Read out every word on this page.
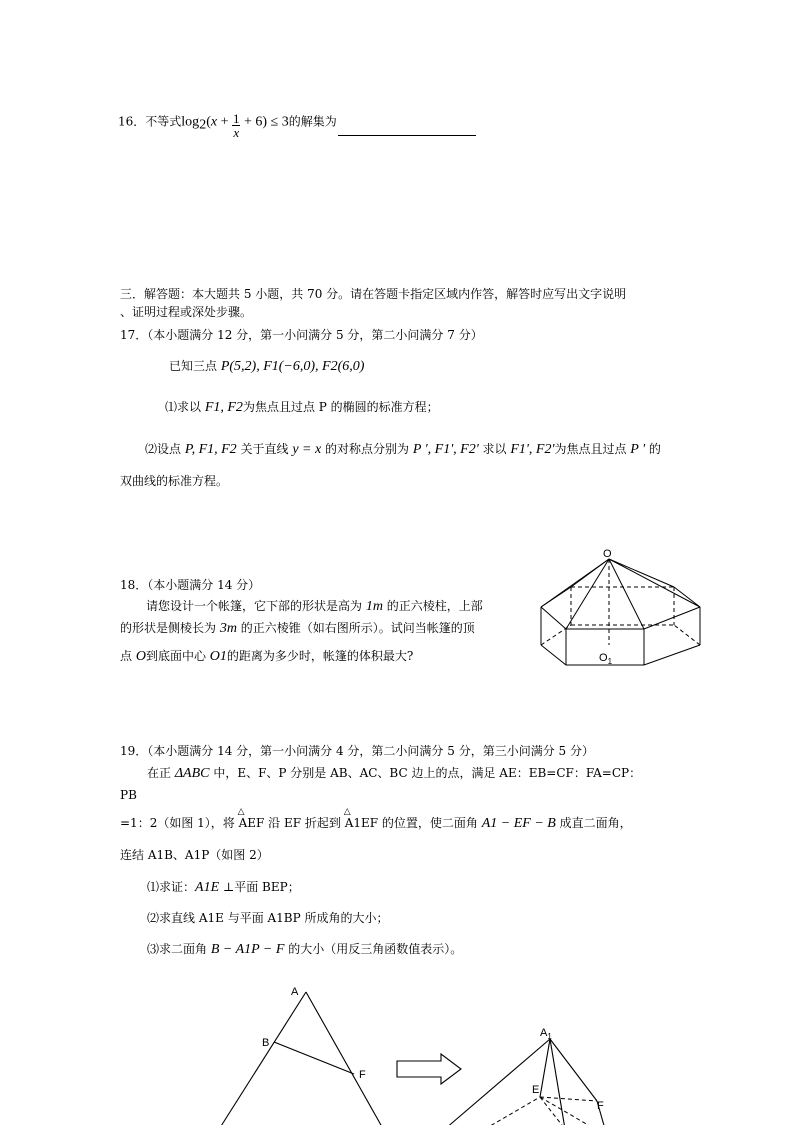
16．不等式$\log_2(x + \frac{1}{x} + 6) \le 3$的解集为
三．解答题：本大题共 5 小题，共 70 分。请在答题卡指定区域内作答，解答时应写出文字说明
、证明过程或深处步骤。
17．（本小题满分 12 分，第一小问满分 5 分，第二小问满分 7 分）
已知三点 P(5,2), F1(−6,0), F2(6,0)
⑴求以 F1, F2为焦点且过点 P 的椭圆的标准方程；
⑵设点 P, F1, F2 关于直线 y = x 的对称点分别为 P ', F1', F2' 求以 F1', F2'为焦点且过点 P ' 的
双曲线的标准方程。
18．（本小题满分 14 分）
请您设计一个帐篷，它下部的形状是高为 1m 的正六棱柱，上部
的形状是侧棱长为 3m 的正六棱锥（如右图所示）。试问当帐篷的顶
点 O到底面中心 O1的距离为多少时，帐篷的体积最大?
O
$O_1$
19．（本小题满分 14 分，第一小问满分 4 分，第二小问满分 5 分，第三小问满分 5 分）
在正 ΔABC 中，E、F、P 分别是 AB、AC、BC 边上的点，满足 AE：EB=CF：FA=CP：
PB
=1：2（如图 1），将
△
AEF 沿 EF 折起到
△
A1EF 的位置，使二面角 A1 − EF − B 成直二面角，
连结 A1B、A1P（如图 2）
⑴求证：A1E ⊥平面 BEP；
⑵求直线 A1E 与平面 A1BP 所成角的大小；
⑶求二面角 B − A1P − F 的大小（用反三角函数值表示）。
A
B
F
$A_1$
E
F
